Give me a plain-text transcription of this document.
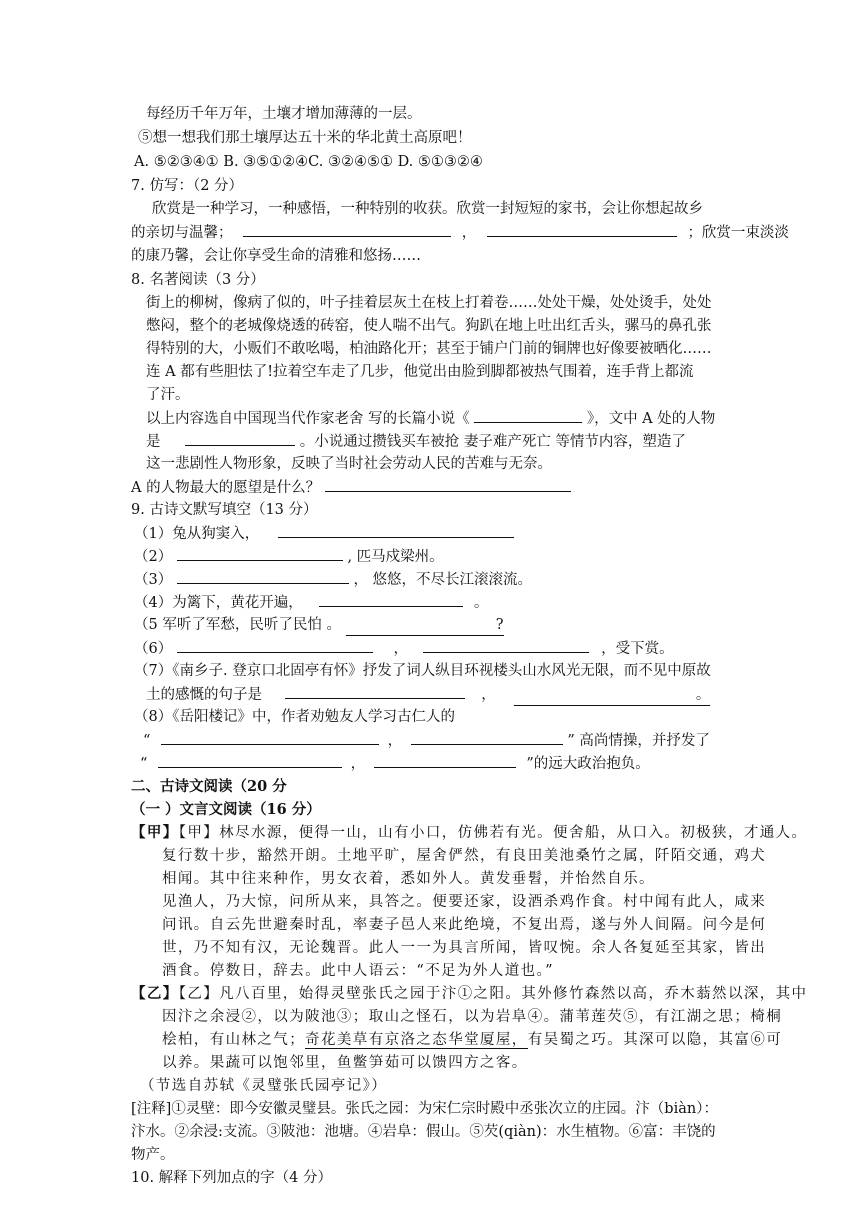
每经历千年万年，土壤才增加薄薄的一层。
⑤想一想我们那土壤厚达五十米的华北黄土高原吧！
A. ⑤②③④① B. ③⑤①②④C. ③②④⑤① D. ⑤①③②④
7. 仿写：（2 分）
欣赏是一种学习，一种感悟，一种特别的收获。欣赏一封短短的家书，会让你想起故乡
的亲切与温馨；	，	；欣赏一束淡淡
的康乃馨，会让你享受生命的清雅和悠扬……
8. 名著阅读（3 分）
街上的柳树，像病了似的，叶子挂着层灰土在枝上打着卷……处处干燥，处处烫手，处处
憋闷，整个的老城像烧透的砖窑，使人喘不出气。狗趴在地上吐出红舌头，骡马的鼻孔张
得特别的大，小贩们不敢吆喝，柏油路化开；甚至于铺户门前的铜牌也好像要被晒化……
连 A 都有些胆怯了!拉着空车走了几步，他觉出由脸到脚都被热气围着，连手背上都流
了汗。
以上内容选自中国现当代作家老舍 写的长篇小说《	》，文中 A 处的人物
是	。小说通过攒钱买车被抢 妻子难产死亡 等情节内容，塑造了
这一悲剧性人物形象，反映了当时社会劳动人民的苦难与无奈。
A 的人物最大的愿望是什么？
9. 古诗文默写填空（13 分）
（1）兔从狗窦入，
（2）	, 匹马戍梁州。
（3）	， 悠悠，不尽长江滚滚流。
（4）为篱下，黄花开遍，	。
（5 军听了军愁，民听了民怕 。	?
（6）	，	，受下赏。
（7）《南乡子. 登京口北固亭有怀》抒发了词人纵目环视楼头山水风光无限，而不见中原故
土的感慨的句子是	，	。
（8）《岳阳楼记》中，作者劝勉友人学习古仁人的
“	，	” 高尚情操，并抒发了
“	，	”的远大政治抱负。
二、古诗文阅读（20 分
（一 ）文言文阅读（16 分）
【甲】【甲】林尽水源，便得一山，山有小口，仿佛若有光。便舍船，从口入。初极狭，才通人。
复行数十步，豁然开朗。土地平旷，屋舍俨然，有良田美池桑竹之属，阡陌交通，鸡犬
相闻。其中往来种作，男女衣着，悉如外人。黄发垂髫，并怡然自乐。
见渔人，乃大惊，问所从来，具答之。便要还家，设酒杀鸡作食。村中闻有此人，咸来
问讯。自云先世避秦时乱，率妻子邑人来此绝境，不复出焉，遂与外人间隔。问今是何
世，乃不知有汉，无论魏晋。此人一一为具言所闻，皆叹惋。余人各复延至其家，皆出
酒食。停数日，辞去。此中人语云：“不足为外人道也。”
【乙】【乙】凡八百里，始得灵壁张氏之园于汴①之阳。其外修竹森然以高，乔木蓊然以深，其中
因汴之余浸②，以为陂池③；取山之怪石，以为岩阜④。蒲苇莲芡⑤，有江湖之思；椅桐
桧柏，有山林之气；奇花美草有京洛之态华堂厦屋，有吴蜀之巧。其深可以隐，其富⑥可
以养。果蔬可以饱邻里，鱼鳖笋茹可以馈四方之客。
（节选自苏轼《灵璧张氏园亭记》）
[注释]①灵壁：即今安徽灵璧县。张氏之园：为宋仁宗时殿中丞张次立的庄园。汴（biàn）：
汴水。②余浸:支流。③陂池：池塘。④岩阜：假山。⑤芡(qiàn)：水生植物。⑥富：丰饶的
物产。
10. 解释下列加点的字（4 分）
